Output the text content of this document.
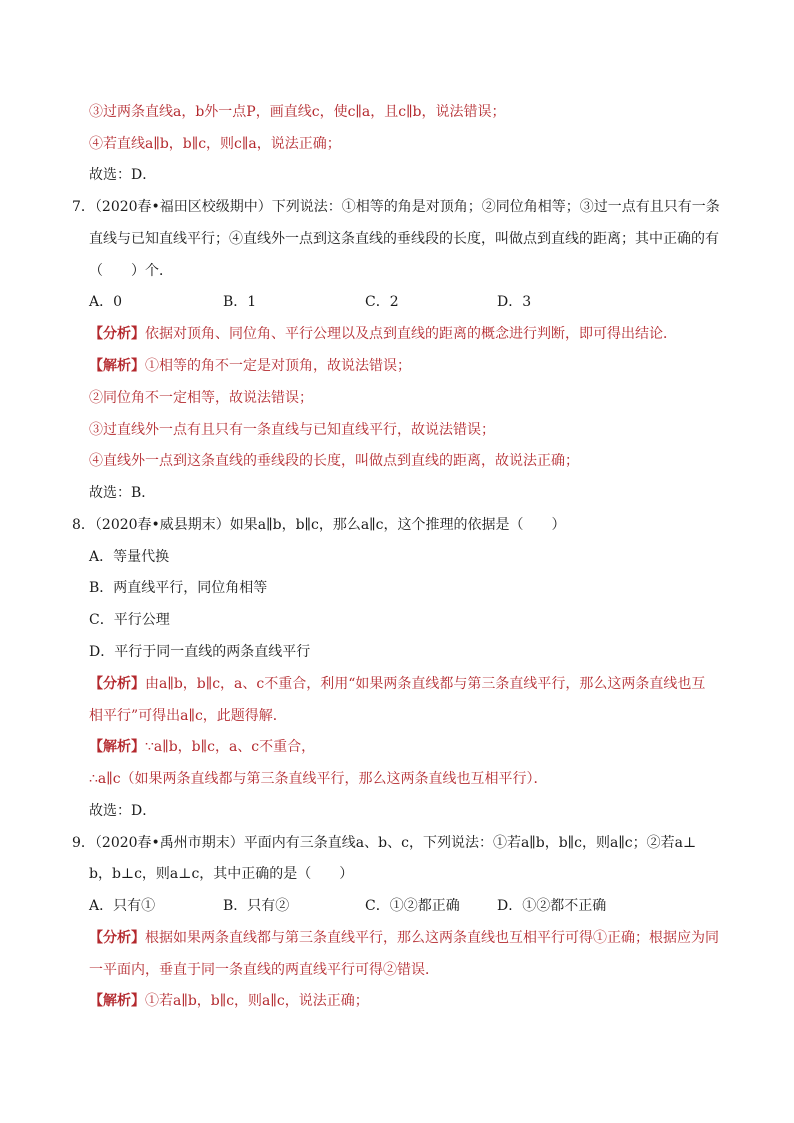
③过两条直线a，b外一点P，画直线c，使c∥a，且c∥b，说法错误；
④若直线a∥b，b∥c，则c∥a，说法正确；
故选：D．
7．（2020春•福田区校级期中）下列说法：①相等的角是对顶角；②同位角相等；③过一点有且只有一条
直线与已知直线平行；④直线外一点到这条直线的垂线段的长度，叫做点到直线的距离；其中正确的有
（　　）个．
A．0	B．1	C．2	D．3
【分析】依据对顶角、同位角、平行公理以及点到直线的距离的概念进行判断，即可得出结论．
【解析】①相等的角不一定是对顶角，故说法错误；
②同位角不一定相等，故说法错误；
③过直线外一点有且只有一条直线与已知直线平行，故说法错误；
④直线外一点到这条直线的垂线段的长度，叫做点到直线的距离，故说法正确；
故选：B．
8．（2020春•威县期末）如果a∥b，b∥c，那么a∥c，这个推理的依据是（　　）
A．等量代换
B．两直线平行，同位角相等
C．平行公理
D．平行于同一直线的两条直线平行
【分析】由a∥b，b∥c，a、c不重合，利用“如果两条直线都与第三条直线平行，那么这两条直线也互
相平行”可得出a∥c，此题得解．
【解析】∵a∥b，b∥c，a、c不重合，
∴a∥c（如果两条直线都与第三条直线平行，那么这两条直线也互相平行）．
故选：D．
9．（2020春•禹州市期末）平面内有三条直线a、b、c，下列说法：①若a∥b，b∥c，则a∥c；②若a⊥
b，b⊥c，则a⊥c，其中正确的是（　　）
A．只有①	B．只有②	C．①②都正确	D．①②都不正确
【分析】根据如果两条直线都与第三条直线平行，那么这两条直线也互相平行可得①正确；根据应为同
一平面内，垂直于同一条直线的两直线平行可得②错误．
【解析】①若a∥b，b∥c，则a∥c，说法正确；
